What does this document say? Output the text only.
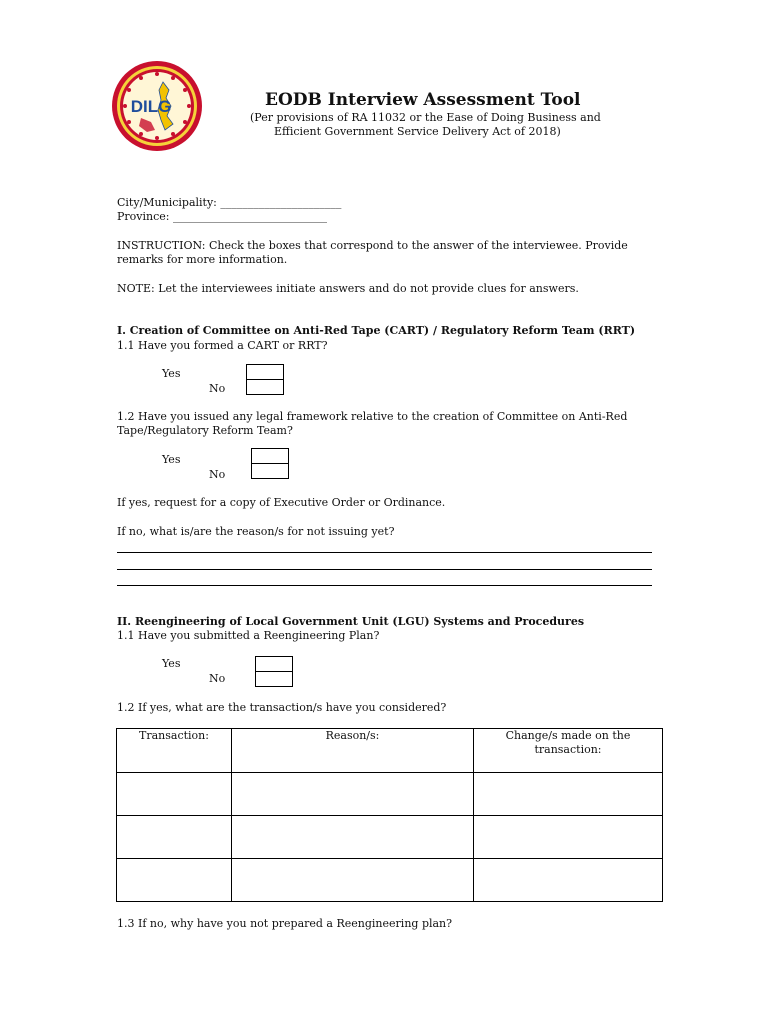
DILG	EODB Interview Assessment Tool
(Per provisions of RA 11032 or the Ease of Doing Business and
Efficient Government Service Delivery Act of 2018)
City/Municipality: ______________________
Province: ____________________________
INSTRUCTION: Check the boxes that correspond to the answer of the interviewee. Provide
remarks for more information.
NOTE: Let the interviewees initiate answers and do not provide clues for answers.
I. Creation of Committee on Anti-Red Tape (CART) / Regulatory Reform Team (RRT)
1.1 Have you formed a CART or RRT?
Yes
No
1.2 Have you issued any legal framework relative to the creation of Committee on Anti-Red
Tape/Regulatory Reform Team?
Yes
No
If yes, request for a copy of Executive Order or Ordinance.
If no, what is/are the reason/s for not issuing yet?
II. Reengineering of Local Government Unit (LGU) Systems and Procedures
1.1 Have you submitted a Reengineering Plan?
Yes
No
1.2 If yes, what are the transaction/s have you considered?
Transaction:	Reason/s:	Change/s made on the
transaction:

1.3 If no, why have you not prepared a Reengineering plan?
